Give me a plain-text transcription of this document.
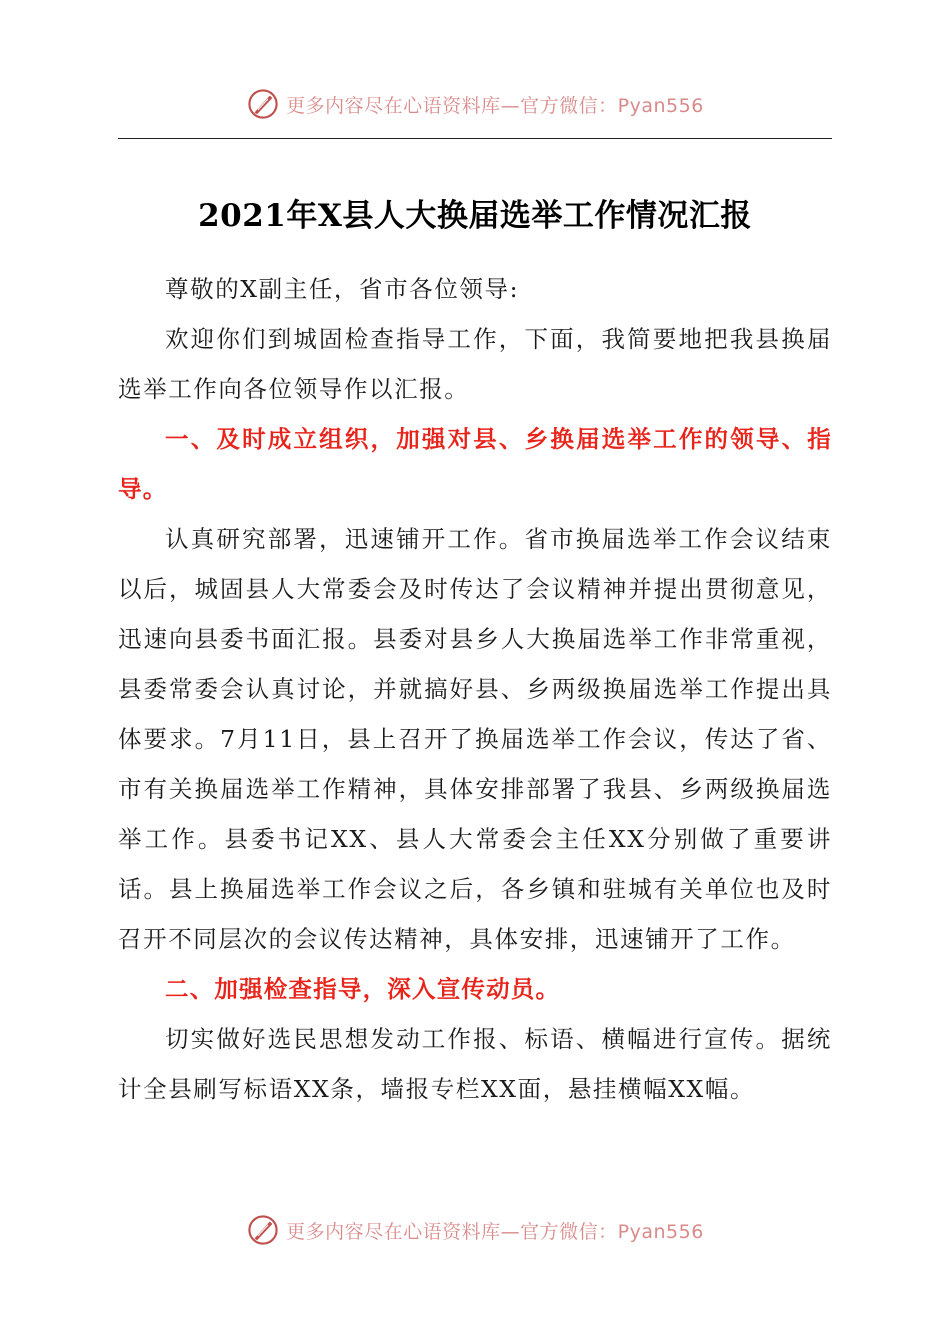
更多内容尽在心语资料库—官方微信：Pyan556
2021年X县人大换届选举工作情况汇报

尊敬的X副主任，省市各位领导:

欢迎你们到城固检查指导工作，下面，我简要地把我县换届选举工作向各位领导作以汇报。

一、及时成立组织，加强对县、乡换届选举工作的领导、指导。

认真研究部署，迅速铺开工作。省市换届选举工作会议结束以后，城固县人大常委会及时传达了会议精神并提出贯彻意见，迅速向县委书面汇报。县委对县乡人大换届选举工作非常重视，县委常委会认真讨论，并就搞好县、乡两级换届选举工作提出具体要求。7月11日，县上召开了换届选举工作会议，传达了省、市有关换届选举工作精神，具体安排部署了我县、乡两级换届选举工作。县委书记XX、县人大常委会主任XX分别做了重要讲话。县上换届选举工作会议之后，各乡镇和驻城有关单位也及时召开不同层次的会议传达精神，具体安排，迅速铺开了工作。

二、加强检查指导，深入宣传动员。

切实做好选民思想发动工作报、标语、横幅进行宣传。据统计全县刷写标语XX条，墙报专栏XX面，悬挂横幅XX幅。

更多内容尽在心语资料库—官方微信：Pyan556
